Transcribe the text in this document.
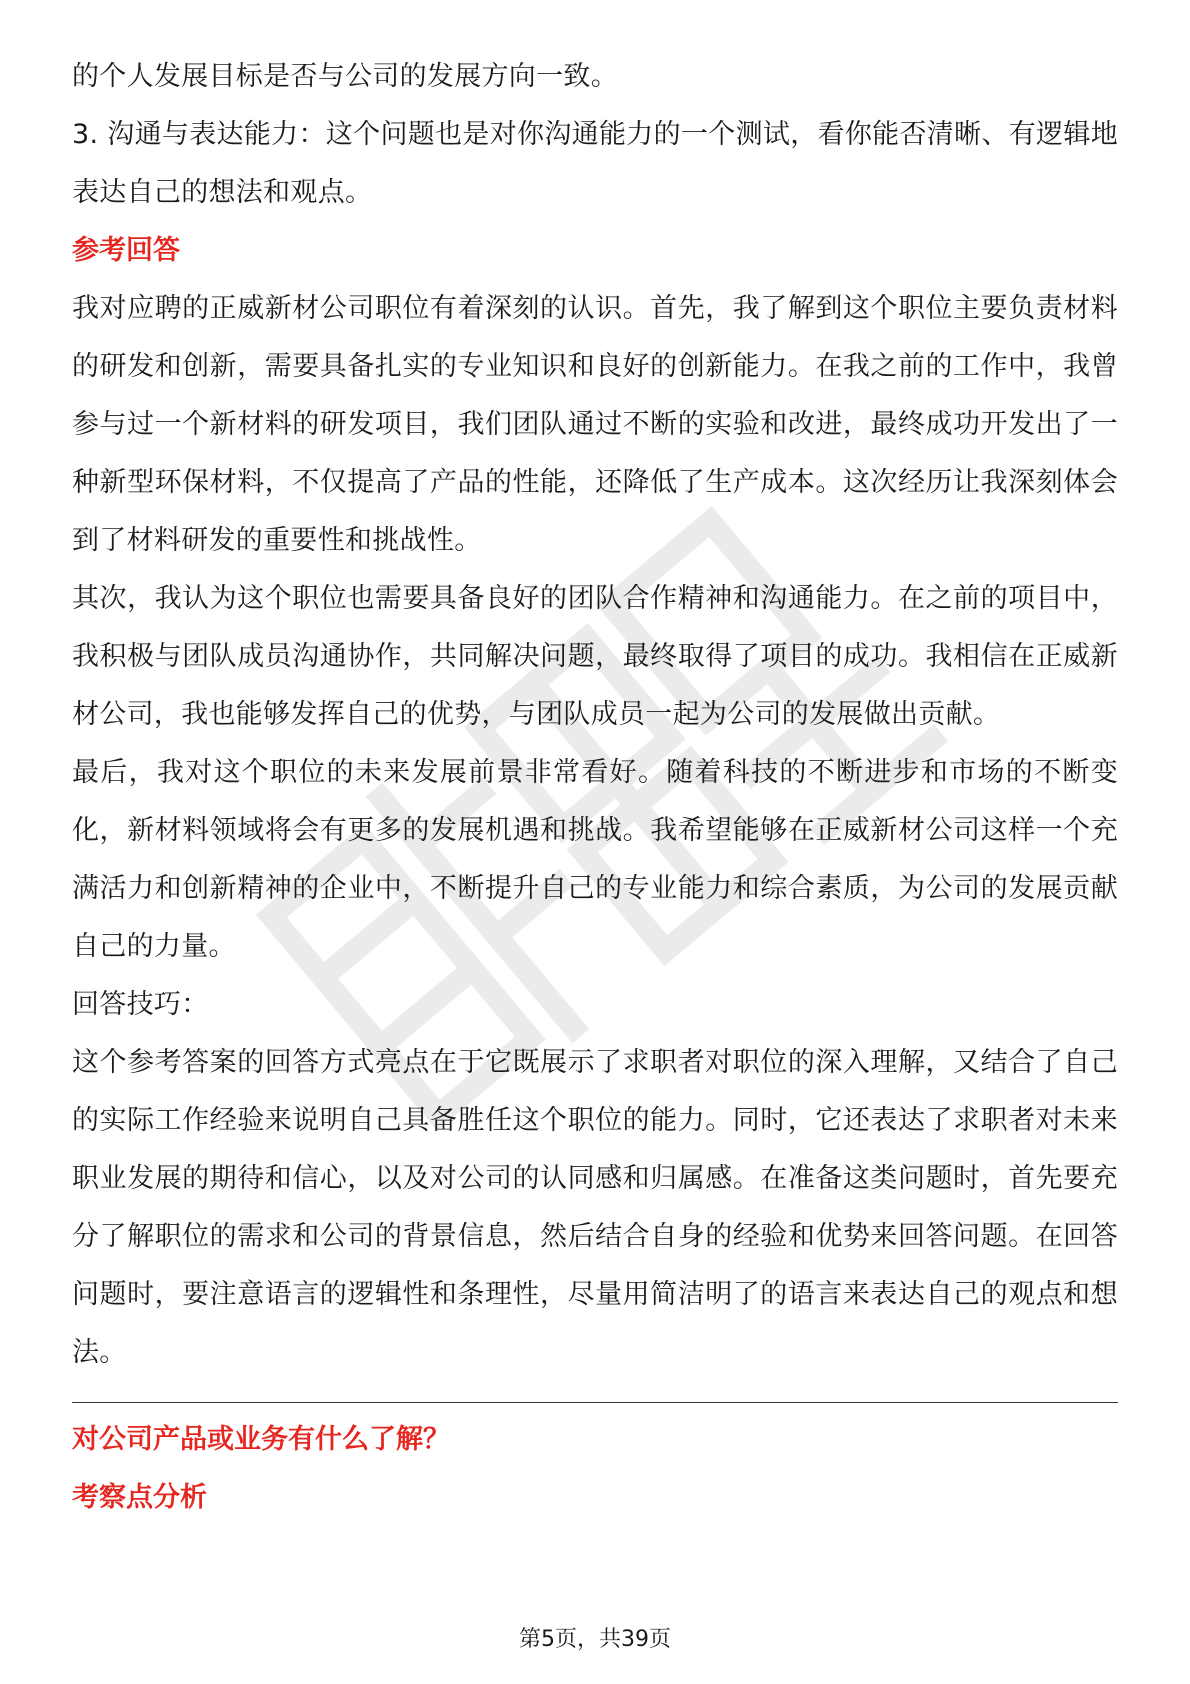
的个人发展目标是否与公司的发展方向一致。

3. 沟通与表达能力：这个问题也是对你沟通能力的一个测试，看你能否清晰、有逻辑地表达自己的想法和观点。

参考回答

我对应聘的正威新材公司职位有着深刻的认识。首先，我了解到这个职位主要负责材料的研发和创新，需要具备扎实的专业知识和良好的创新能力。在我之前的工作中，我曾参与过一个新材料的研发项目，我们团队通过不断的实验和改进，最终成功开发出了一种新型环保材料，不仅提高了产品的性能，还降低了生产成本。这次经历让我深刻体会到了材料研发的重要性和挑战性。

其次，我认为这个职位也需要具备良好的团队合作精神和沟通能力。在之前的项目中，我积极与团队成员沟通协作，共同解决问题，最终取得了项目的成功。我相信在正威新材公司，我也能够发挥自己的优势，与团队成员一起为公司的发展做出贡献。

最后，我对这个职位的未来发展前景非常看好。随着科技的不断进步和市场的不断变化，新材料领域将会有更多的发展机遇和挑战。我希望能够在正威新材公司这样一个充满活力和创新精神的企业中，不断提升自己的专业能力和综合素质，为公司的发展贡献自己的力量。

回答技巧：

这个参考答案的回答方式亮点在于它既展示了求职者对职位的深入理解，又结合了自己的实际工作经验来说明自己具备胜任这个职位的能力。同时，它还表达了求职者对未来职业发展的期待和信心，以及对公司的认同感和归属感。在准备这类问题时，首先要充分了解职位的需求和公司的背景信息，然后结合自身的经验和优势来回答问题。在回答问题时，要注意语言的逻辑性和条理性，尽量用简洁明了的语言来表达自己的观点和想法。

对公司产品或业务有什么了解？

考察点分析

第5页，共39页
